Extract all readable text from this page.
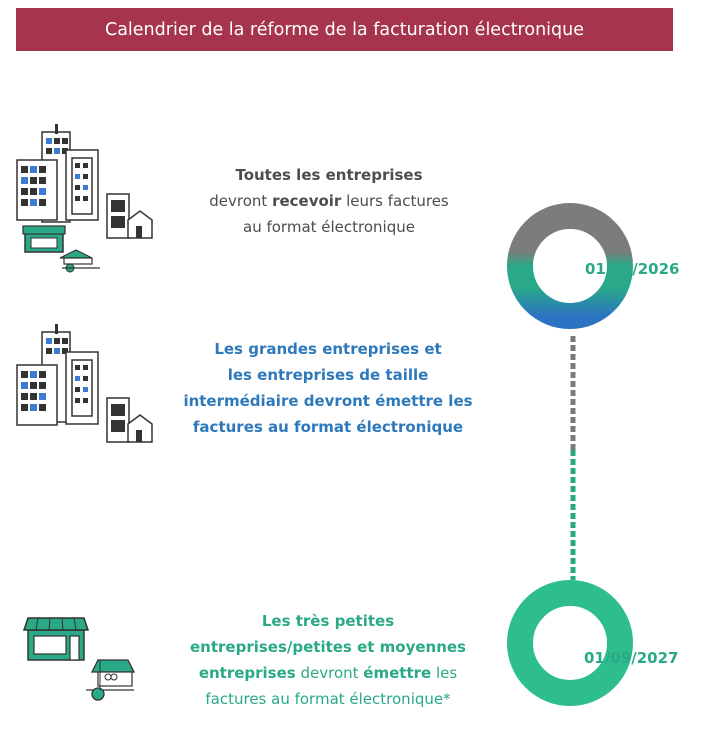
Calendrier de la réforme de la facturation électronique
Toutes les entreprises
devront recevoir leurs factures
au format électronique
Les grandes entreprises et
les entreprises de taille
intermédiaire devront émettre les
factures au format électronique
Les très petites
entreprises/petites et moyennes
entreprises devront émettre les
factures au format électronique*
01/09/2026
01/09/2027
